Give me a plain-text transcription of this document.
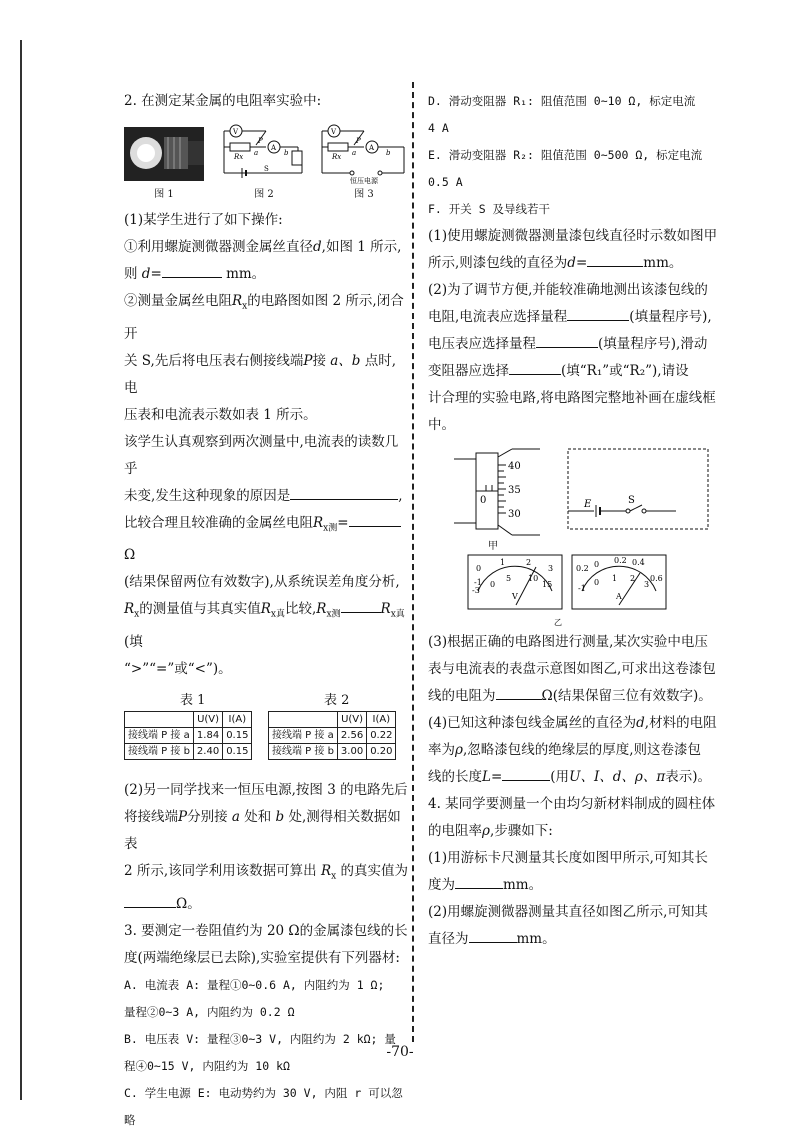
2. 在测定某金属的电阻率实验中:

图 1
V
P
Rx a
A
b
S
图 2
V
P
Rx a
A
b
恒压电源
图 3

(1)某学生进行了如下操作:

①利用螺旋测微器测金属丝直径d,如图 1 所示,

则 d=	mm。

②测量金属丝电阻$R_x$的电路图如图 2 所示,闭合开

关 S,先后将电压表右侧接线端P接 a、b 点时,电

压表和电流表示数如表 1 所示。

该学生认真观察到两次测量中,电流表的读数几乎

未变,发生这种现象的原因是	,

比较合理且较准确的金属丝电阻$R_{x测}= \Omega$

(结果保留两位有效数字),从系统误差角度分析,

$R_x$的测量值与其真实值$R_{x真}$比较$,R_{x测}$	$R_{x真}$(填

“>”“=”或“<”)。

表 1	表 2
	U(V)	I(A)
接线端 P 接 a	1.84	0.15
接线端 P 接 b	2.40	0.15
	U(V)	I(A)
接线端 P 接 a	2.56	0.22
接线端 P 接 b	3.00	0.20

(2)另一同学找来一恒压电源,按图 3 的电路先后

将接线端P分别接 a 处和 b 处,测得相关数据如表

2 所示,该同学利用该数据可算出 $R_x$ 的真实值为

Ω。

3. 要测定一卷阻值约为 20 Ω的金属漆包线的长

度(两端绝缘层已去除),实验室提供有下列器材:

A. 电流表 A: 量程①0~0.6 A, 内阻约为 1 Ω;

量程②0~3 A, 内阻约为 0.2 Ω

B. 电压表 V: 量程③0~3 V, 内阻约为 2 kΩ; 量

程④0~15 V, 内阻约为 10 kΩ

C. 学生电源 E: 电动势约为 30 V, 内阻 r 可以忽

略

D. 滑动变阻器 R₁: 阻值范围 0~10 Ω, 标定电流

4 A

E. 滑动变阻器 R₂: 阻值范围 0~500 Ω, 标定电流

0.5 A

F. 开关 S 及导线若干

(1)使用螺旋测微器测量漆包线直径时示数如图甲

所示,则漆包线的直径为d=	mm。

(2)为了调节方便,并能较准确地测出该漆包线的

电阻,电流表应选择量程	(填量程序号),

电压表应选择量程	(填量程序号),滑动

变阻器应选择	(填“R₁”或“R₂”),请设

计合理的实验电路,将电路图完整地补画在虚线框

中。

0
40
35
30
甲
E	S
0
1	2
3
-3
-1 0
5 10
15
V
0.2 0 0.2 0.4
0.6
-1
0 1 2
3
A
乙

(3)根据正确的电路图进行测量,某次实验中电压

表与电流表的表盘示意图如图乙,可求出这卷漆包

线的电阻为	Ω(结果保留三位有效数字)。

(4)已知这种漆包线金属丝的直径为d,材料的电阻

率为ρ,忽略漆包线的绝缘层的厚度,则这卷漆包

线的长度L=	(用U、I、d、ρ、π表示)。

4. 某同学要测量一个由均匀新材料制成的圆柱体

的电阻率ρ,步骤如下:

(1)用游标卡尺测量其长度如图甲所示,可知其长

度为	mm。

(2)用螺旋测微器测量其直径如图乙所示,可知其

直径为	mm。

-70-
